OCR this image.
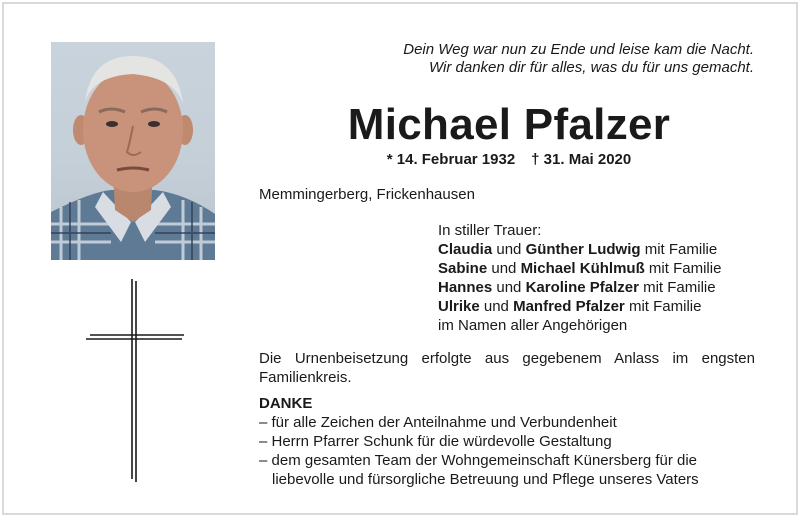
Dein Weg war nun zu Ende und leise kam die Nacht.
Wir danken dir für alles, was du für uns gemacht.
Michael Pfalzer
* 14. Februar 1932 † 31. Mai 2020
Memmingerberg, Frickenhausen
In stiller Trauer:
Claudia und Günther Ludwig mit Familie
Sabine und Michael Kühlmuß mit Familie
Hannes und Karoline Pfalzer mit Familie
Ulrike und Manfred Pfalzer mit Familie
im Namen aller Angehörigen
Die Urnenbeisetzung erfolgte aus gegebenem Anlass im engsten Familienkreis.
DANKE
– für alle Zeichen der Anteilnahme und Verbundenheit
– Herrn Pfarrer Schunk für die würdevolle Gestaltung
– dem gesamten Team der Wohngemeinschaft Künersberg für die
liebevolle und fürsorgliche Betreuung und Pflege unseres Vaters
